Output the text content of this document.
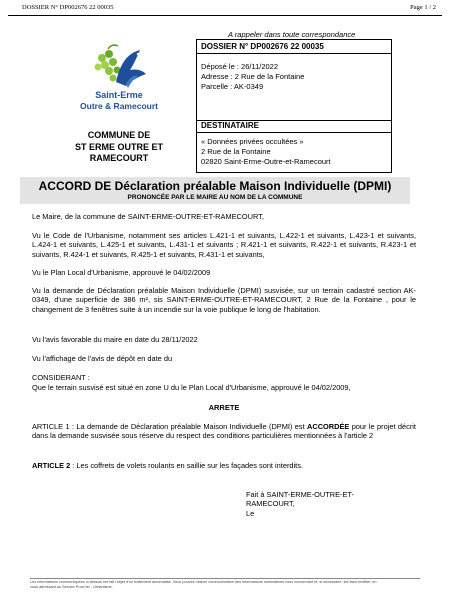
DOSSIER N° DP002676 22 00035	Page 1 / 2
A rappeler dans toute correspondance
Saint-Erme
Outre & Ramecourt
DOSSIER N° DP002676 22 00035
Déposé le : 26/11/2022
Adresse : 2 Rue de la Fontaine
Parcelle : AK-0349
DESTINATAIRE
« Données privées occultées »
2 Rue de la Fontaine
02820 Saint-Erme-Outre-et-Ramecourt
COMMUNE DE
ST ERME OUTRE ET
RAMECOURT
ACCORD DE Déclaration préalable Maison Individuelle (DPMI)
PRONONCÉE PAR LE MAIRE AU NOM DE LA COMMUNE
Le Maire, de la commune de SAINT-ERME-OUTRE-ET-RAMECOURT,
Vu le Code de l'Urbanisme, notamment ses articles L.421-1 et suivants, L.422-1 et suivants, L.423-1 et suivants, L.424-1 et suivants, L.425-1 et suivants, L.431-1 et suivants ; R.421-1 et suivants, R.422-1 et suivants, R.423-1 et suivants, R.424-1 et suivants, R.425-1 et suivants, R.431-1 et suivants,
Vu le Plan Local d'Urbanisme, approuvé le 04/02/2009
Vu la demande de Déclaration préalable Maison Individuelle (DPMI) susvisée, sur un terrain cadastré section AK-0349, d'une superficie de 386 m², sis SAINT-ERME-OUTRE-ET-RAMECOURT, 2 Rue de la Fontaine , pour le changement de 3 fenêtres suite à un incendie sur la voie publique le long de l'habitation.
Vu l'avis favorable du maire en date du 28/11/2022
Vu l'affichage de l'avis de dépôt en date du
CONSIDERANT :
Que le terrain susvisé est situé en zone U du le Plan Local d'Urbanisme, approuvé le 04/02/2009,
ARRETE
ARTICLE 1 : La demande de Déclaration préalable Maison Individuelle (DPMI) est ACCORDÉE pour le projet décrit dans la demande susvisée sous réserve du respect des conditions particulières mentionnées à l'article 2
ARTICLE 2 : Les coffrets de volets roulants en saillie sur les façades sont interdits.
Fait à SAINT-ERME-OUTRE-ET-
RAMECOURT,
Le
Les informations communiquées ci-dessus ont fait l'objet d'un traitement automatisé. Vous pouvez obtenir communication des informations nominatives vous concernant et, si nécessaire, les faire rectifier, en
vous adressant au Service Proxi ter - Urbanisme.
